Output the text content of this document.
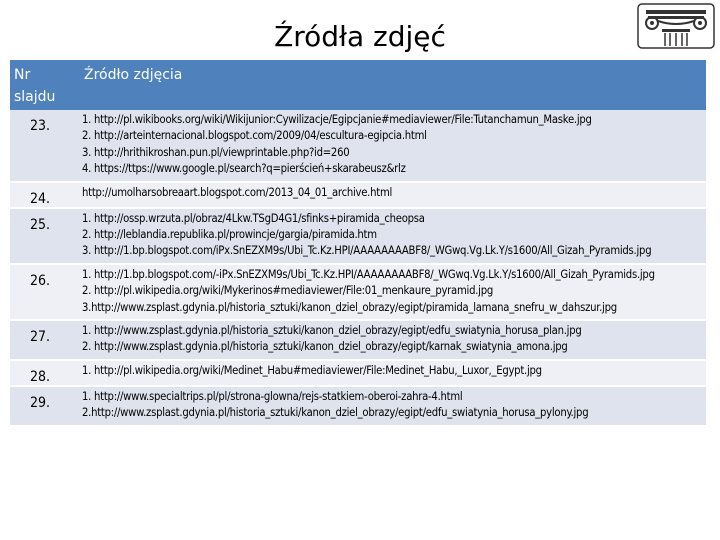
Źródła zdjęć
Nr slajdu	Źródło zdjęcia
23.	1. http://pl.wikibooks.org/wiki/Wikijunior:Cywilizacje/Egipcjanie#mediaviewer/File:Tutanchamun_Maske.jpg
2. http://arteinternacional.blogspot.com/2009/04/escultura-egipcia.html
3. http://hrithikroshan.pun.pl/viewprintable.php?id=260
4. https://ttps://www.google.pl/search?q=pierścień+skarabeusz&rlz

24.	http://umolharsobreaart.blogspot.com/2013_04_01_archive.html

25.	1. http://ossp.wrzuta.pl/obraz/4Lkw.TSgD4G1/sfinks+piramida_cheopsa
2. http://leblandia.republika.pl/prowincje/gargia/piramida.htm
3. http://1.bp.blogspot.com/iPx.SnEZXM9s/Ubi_Tc.Kz.HPI/AAAAAAAABF8/_WGwq.Vg.Lk.Y/s1600/All_Gizah_Pyramids.jpg

26.	1. http://1.bp.blogspot.com/-iPx.SnEZXM9s/Ubi_Tc.Kz.HPI/AAAAAAAABF8/_WGwq.Vg.Lk.Y/s1600/All_Gizah_Pyramids.jpg
2. http://pl.wikipedia.org/wiki/Mykerinos#mediaviewer/File:01_menkaure_pyramid.jpg
3.http://www.zsplast.gdynia.pl/historia_sztuki/kanon_dziel_obrazy/egipt/piramida_lamana_snefru_w_dahszur.jpg

27.	1. http://www.zsplast.gdynia.pl/historia_sztuki/kanon_dziel_obrazy/egipt/edfu_swiatynia_horusa_plan.jpg
2. http://www.zsplast.gdynia.pl/historia_sztuki/kanon_dziel_obrazy/egipt/karnak_swiatynia_amona.jpg

28.	1. http://pl.wikipedia.org/wiki/Medinet_Habu#mediaviewer/File:Medinet_Habu,_Luxor,_Egypt.jpg

29.	1. http://www.specialtrips.pl/pl/strona-glowna/rejs-statkiem-oberoi-zahra-4.html
2.http://www.zsplast.gdynia.pl/historia_sztuki/kanon_dziel_obrazy/egipt/edfu_swiatynia_horusa_pylony.jpg
